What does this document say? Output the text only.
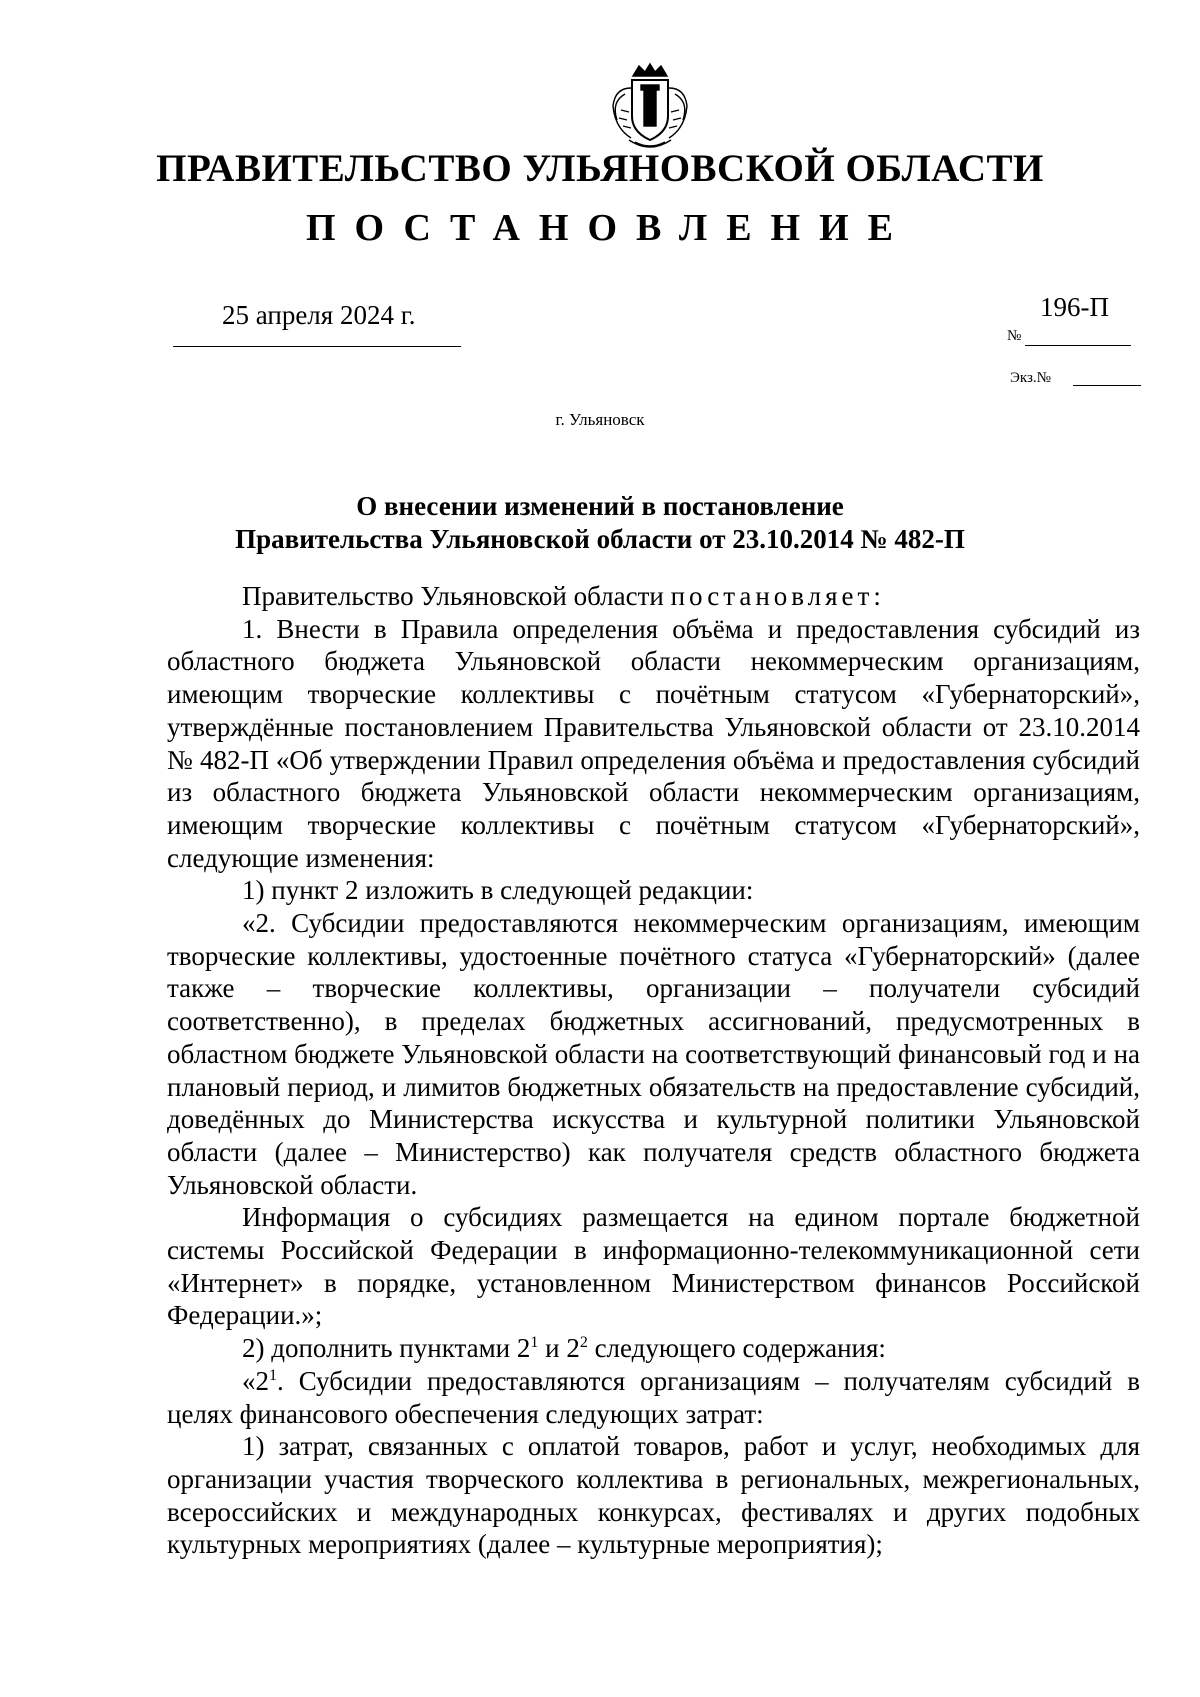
ПРАВИТЕЛЬСТВО УЛЬЯНОВСКОЙ ОБЛАСТИ
ПОСТАНОВЛЕНИЕ
25 апреля 2024 г.	196-П
№
Экз.№
г. Ульяновск
О внесении изменений в постановление
Правительства Ульяновской области от 23.10.2014 № 482-П

Правительство Ульяновской области постановляет:

1. Внести в Правила определения объёма и предоставления субсидий из областного бюджета Ульяновской области некоммерческим организациям, имеющим творческие коллективы с почётным статусом «Губернаторский», утверждённые постановлением Правительства Ульяновской области от 23.10.2014 № 482-П «Об утверждении Правил определения объёма и предоставления субсидий из областного бюджета Ульяновской области некоммерческим организациям, имеющим творческие коллективы с почётным статусом «Губернаторский», следующие изменения:

1) пункт 2 изложить в следующей редакции:

«2. Субсидии предоставляются некоммерческим организациям, имеющим творческие коллективы, удостоенные почётного статуса «Губернаторский» (далее также – творческие коллективы, организации – получатели субсидий соответственно), в пределах бюджетных ассигнований, предусмотренных в областном бюджете Ульяновской области на соответствующий финансовый год и на плановый период, и лимитов бюджетных обязательств на предоставление субсидий, доведённых до Министерства искусства и культурной политики Ульяновской области (далее – Министерство) как получателя средств областного бюджета Ульяновской области.

Информация о субсидиях размещается на едином портале бюджетной системы Российской Федерации в информационно-телекоммуникационной сети «Интернет» в порядке, установленном Министерством финансов Российской Федерации.»;

2) дополнить пунктами $2^1$ и $2^2$ следующего содержания:

«$2^1$. Субсидии предоставляются организациям – получателям субсидий в целях финансового обеспечения следующих затрат:

1) затрат, связанных с оплатой товаров, работ и услуг, необходимых для организации участия творческого коллектива в региональных, межрегиональных, всероссийских и международных конкурсах, фестивалях и других подобных культурных мероприятиях (далее – культурные мероприятия);
